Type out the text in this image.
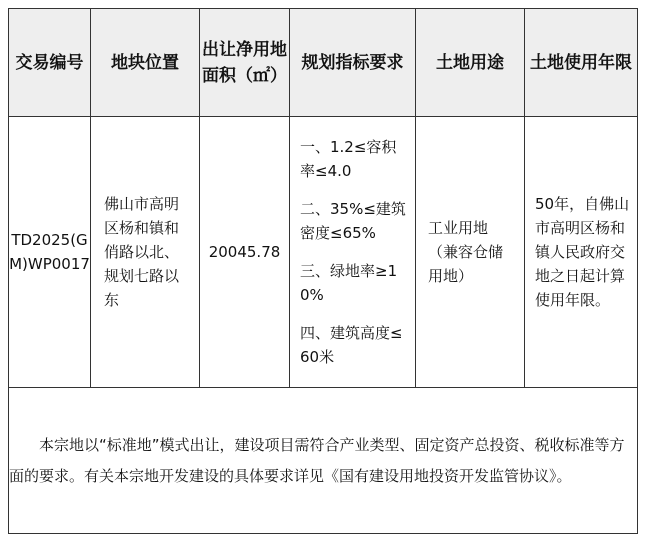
交易编号	地块位置	出让净用地面积（㎡）	规划指标要求	土地用途	土地使用年限
TD2025(GM)WP0017	佛山市高明区杨和镇和俏路以北、规划七路以东	20045.78	一、1.2≤容积率≤4.0

二、35%≤建筑密度≤65%

三、绿地率≥10%

四、建筑高度≤60米	工业用地（兼容仓储用地）	50年，自佛山市高明区杨和镇人民政府交地之日起计算使用年限。

本宗地以“标准地”模式出让，建设项目需符合产业类型、固定资产总投资、税收标准等方面的要求。有关本宗地开发建设的具体要求详见《国有建设用地投资开发监管协议》。					
